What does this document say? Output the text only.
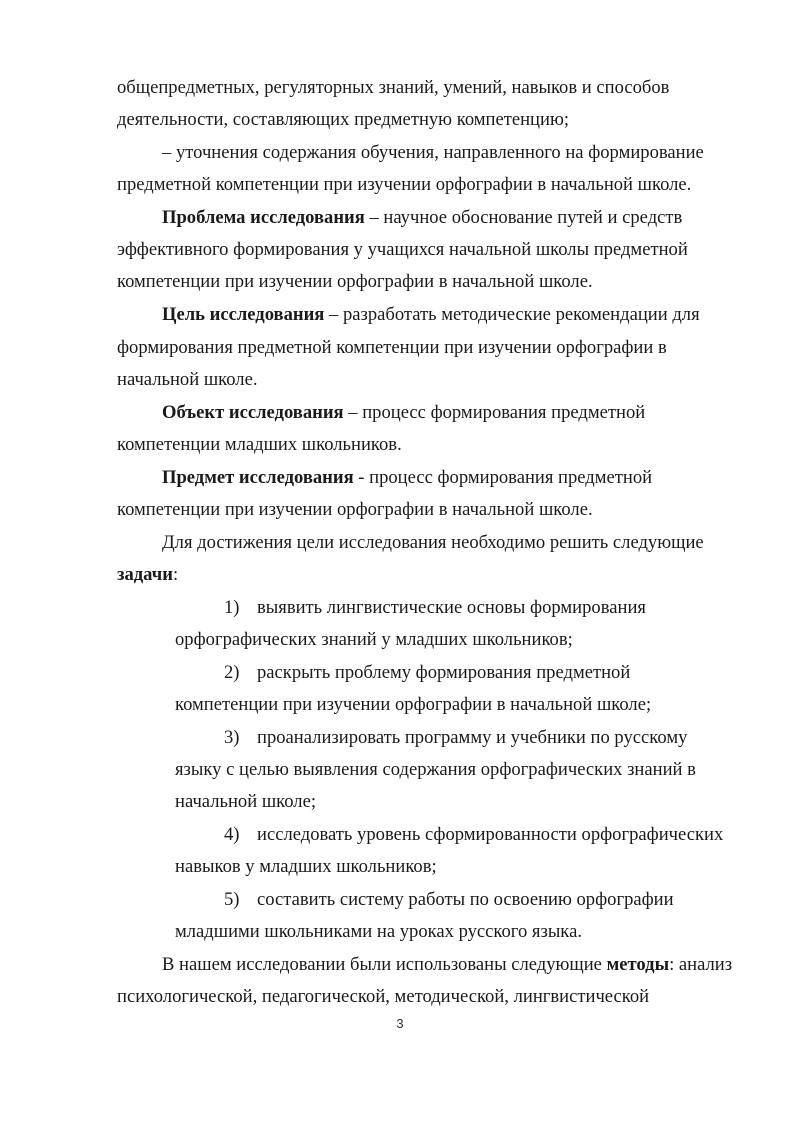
общепредметных, регуляторных знаний, умений, навыков и способов
деятельности, составляющих предметную компетенцию;
– уточнения содержания обучения, направленного на формирование
предметной компетенции при изучении орфографии в начальной школе.
Проблема исследования – научное обоснование путей и средств
эффективного формирования у учащихся начальной школы предметной
компетенции при изучении орфографии в начальной школе.
Цель исследования – разработать методические рекомендации для
формирования предметной компетенции при изучении орфографии в
начальной школе.
Объект исследования – процесс формирования предметной
компетенции младших школьников.
Предмет исследования - процесс формирования предметной
компетенции при изучении орфографии в начальной школе.
Для достижения цели исследования необходимо решить следующие
задачи:
1) выявить лингвистические основы формирования
орфографических знаний у младших школьников;
2) раскрыть проблему формирования предметной
компетенции при изучении орфографии в начальной школе;
3) проанализировать программу и учебники по русскому
языку с целью выявления содержания орфографических знаний в
начальной школе;
4) исследовать уровень сформированности орфографических
навыков у младших школьников;
5) составить систему работы по освоению орфографии
младшими школьниками на уроках русского языка.
В нашем исследовании были использованы следующие методы: анализ
психологической, педагогической, методической, лингвистической
3
